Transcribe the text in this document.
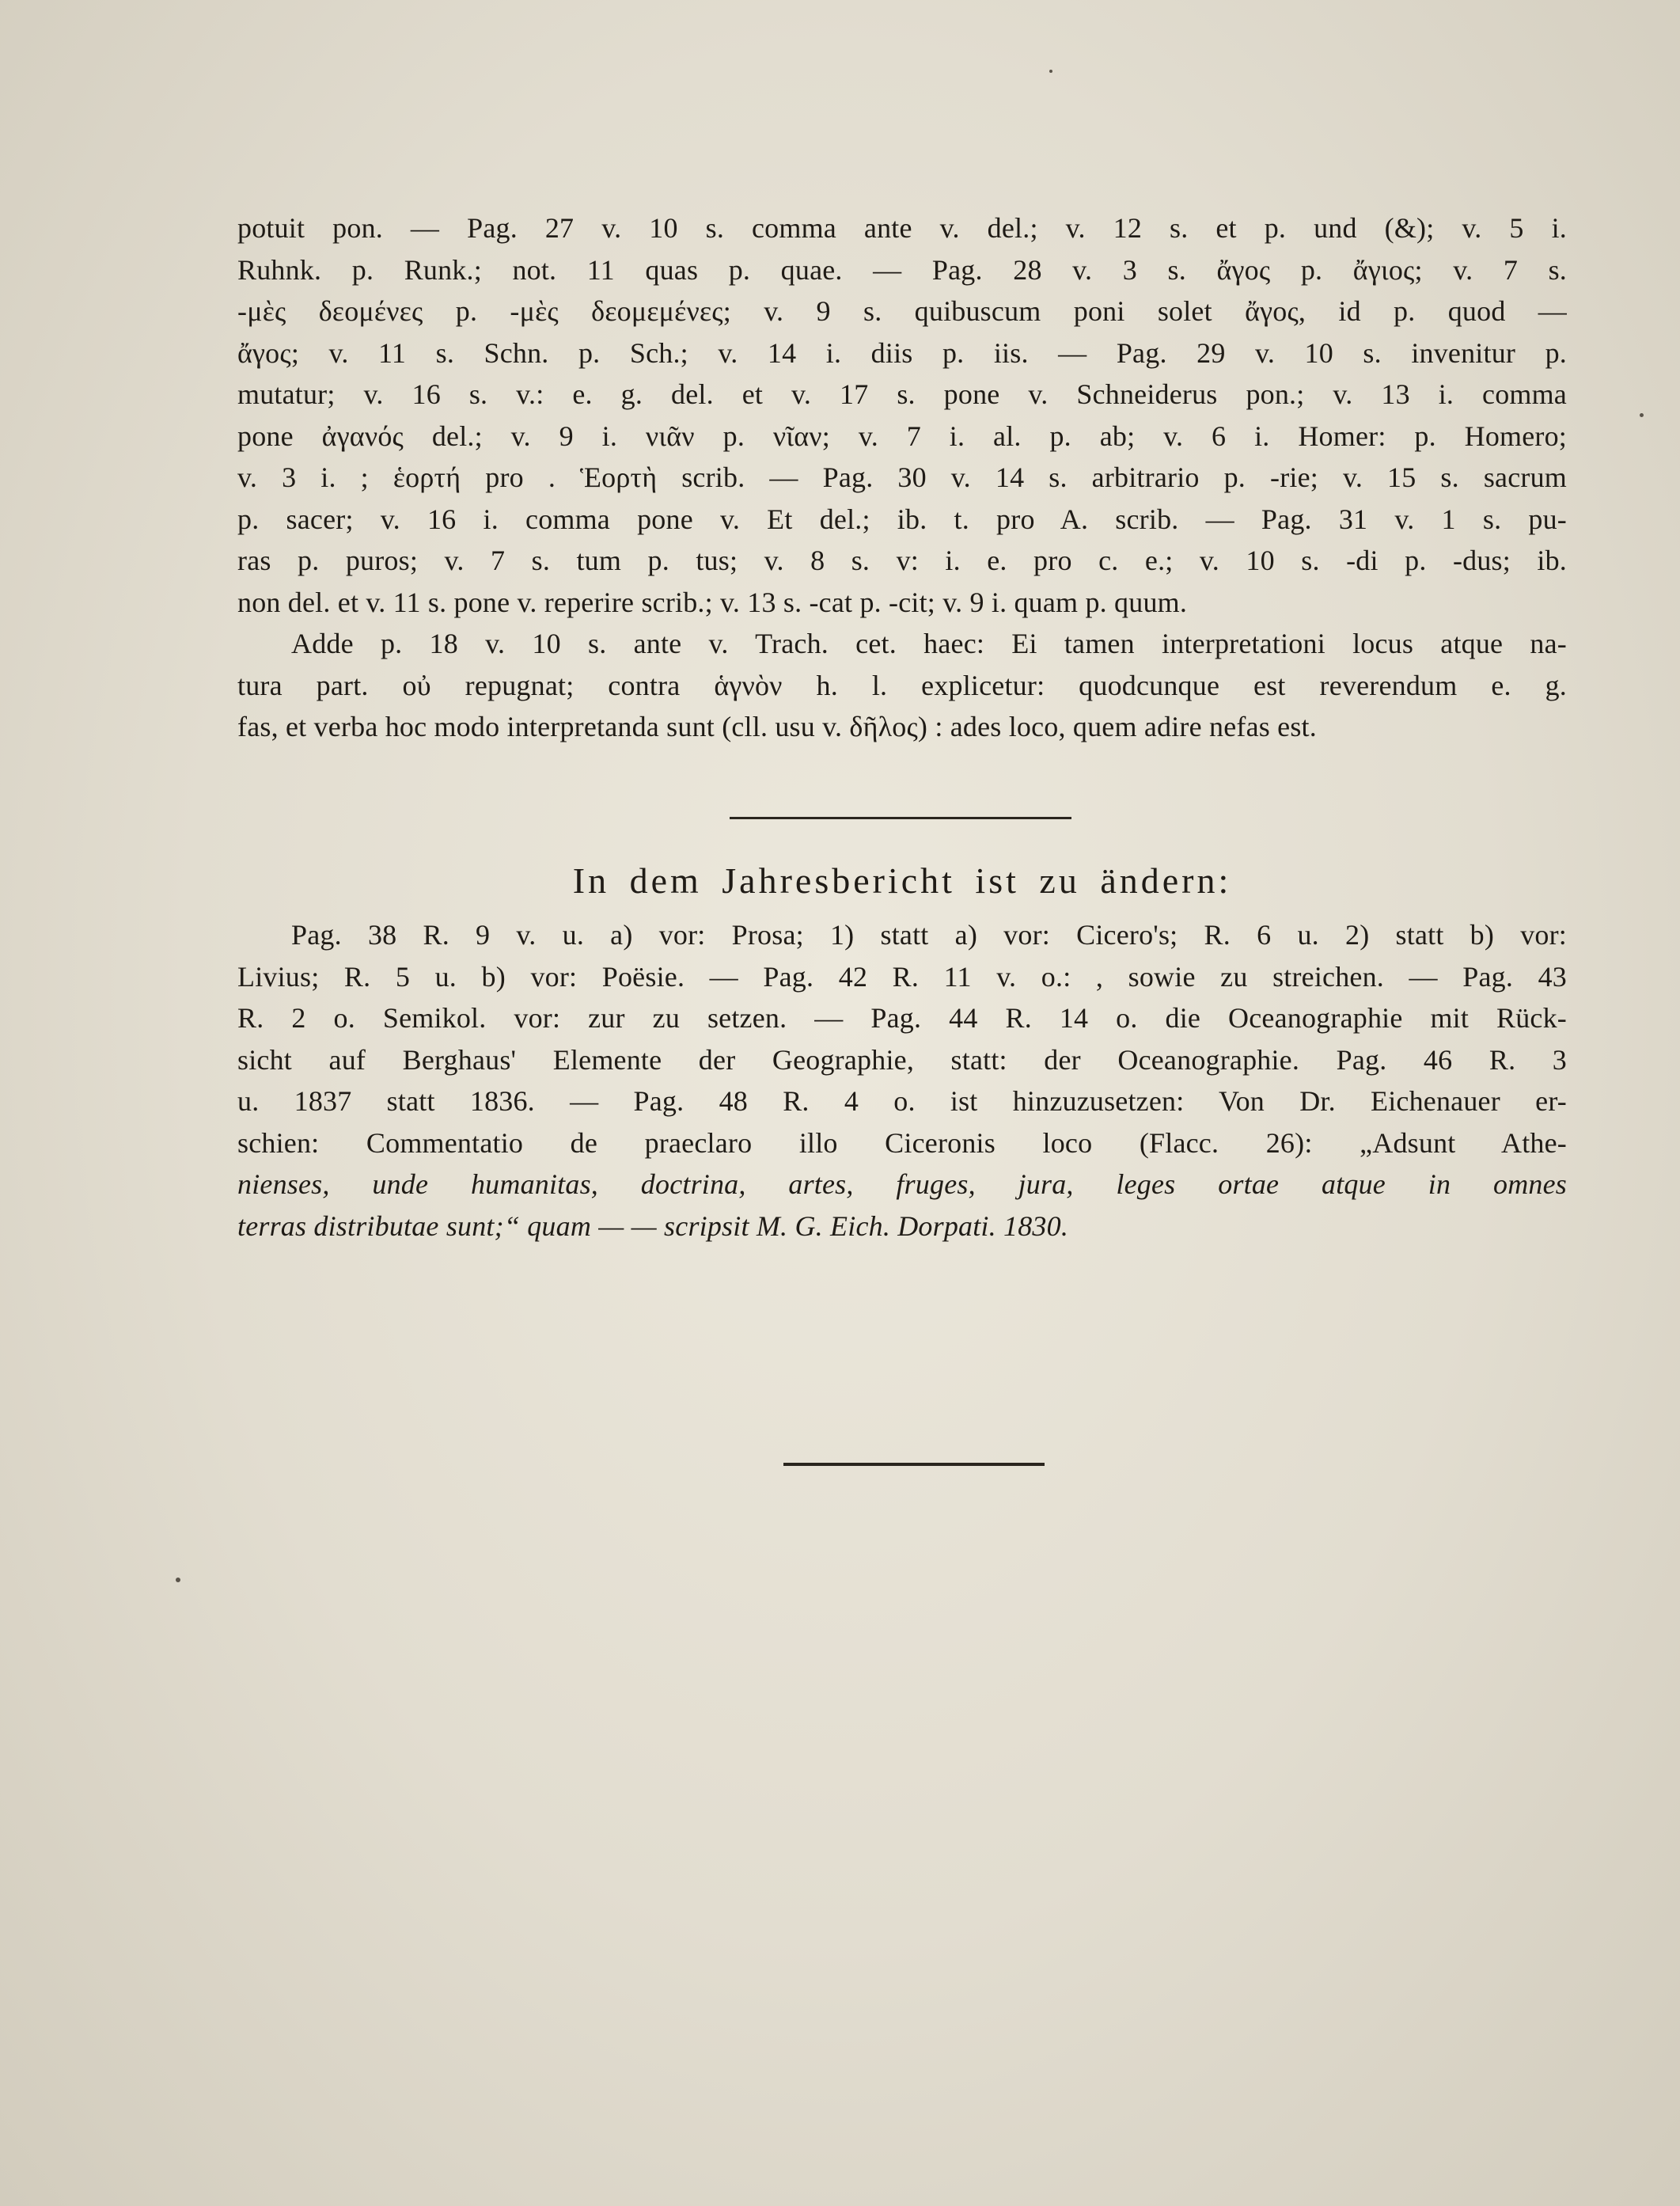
potuit pon. — Pag. 27 v. 10 s. comma ante v. del.; v. 12 s. et p. und (&); v. 5 i.
Ruhnk. p. Runk.; not. 11 quas p. quae. — Pag. 28 v. 3 s. ἄγος p. ἄγιος; v. 7 s.
-μὲς δεομένες p. -μὲς δεομεμένες; v. 9 s. quibuscum poni solet ἄγος, id p. quod —
ἄγος; v. 11 s. Schn. p. Sch.; v. 14 i. diis p. iis. — Pag. 29 v. 10 s. invenitur p.
mutatur; v. 16 s. v.: e. g. del. et v. 17 s. pone v. Schneiderus pon.; v. 13 i. comma
pone ἀγανός del.; v. 9 i. νιᾶν p. νῖαν; v. 7 i. al. p. ab; v. 6 i. Homer: p. Homero;
v. 3 i. ; ἑορτή pro . Ἑορτὴ scrib. — Pag. 30 v. 14 s. arbitrario p. -rie; v. 15 s. sacrum
p. sacer; v. 16 i. comma pone v. Et del.; ib. t. pro A. scrib. — Pag. 31 v. 1 s. pu-
ras p. puros; v. 7 s. tum p. tus; v. 8 s. v: i. e. pro c. e.; v. 10 s. -di p. -dus; ib.
non del. et v. 11 s. pone v. reperire scrib.; v. 13 s. -cat p. -cit; v. 9 i. quam p. quum.
Adde p. 18 v. 10 s. ante v. Trach. cet. haec: Ei tamen interpretationi locus atque na-
tura part. οὐ repugnat; contra ἁγνὸν h. l. explicetur: quodcunque est reverendum e. g.
fas, et verba hoc modo interpretanda sunt (cll. usu v. δῆλος) : ades loco, quem adire nefas est.
In dem Jahresbericht ist zu ändern:
Pag. 38 R. 9 v. u. a) vor: Prosa; 1) statt a) vor: Cicero's; R. 6 u. 2) statt b) vor:
Livius; R. 5 u. b) vor: Poësie. — Pag. 42 R. 11 v. o.: , sowie zu streichen. — Pag. 43
R. 2 o. Semikol. vor: zur zu setzen. — Pag. 44 R. 14 o. die Oceanographie mit Rück-
sicht auf Berghaus' Elemente der Geographie, statt: der Oceanographie. Pag. 46 R. 3
u. 1837 statt 1836. — Pag. 48 R. 4 o. ist hinzuzusetzen: Von Dr. Eichenauer er-
schien: Commentatio de praeclaro illo Ciceronis loco (Flacc. 26): „Adsunt Athe-
nienses, unde humanitas, doctrina, artes, fruges, jura, leges ortae atque in omnes
terras distributae sunt;“ quam — — scripsit M. G. Eich. Dorpati. 1830.
